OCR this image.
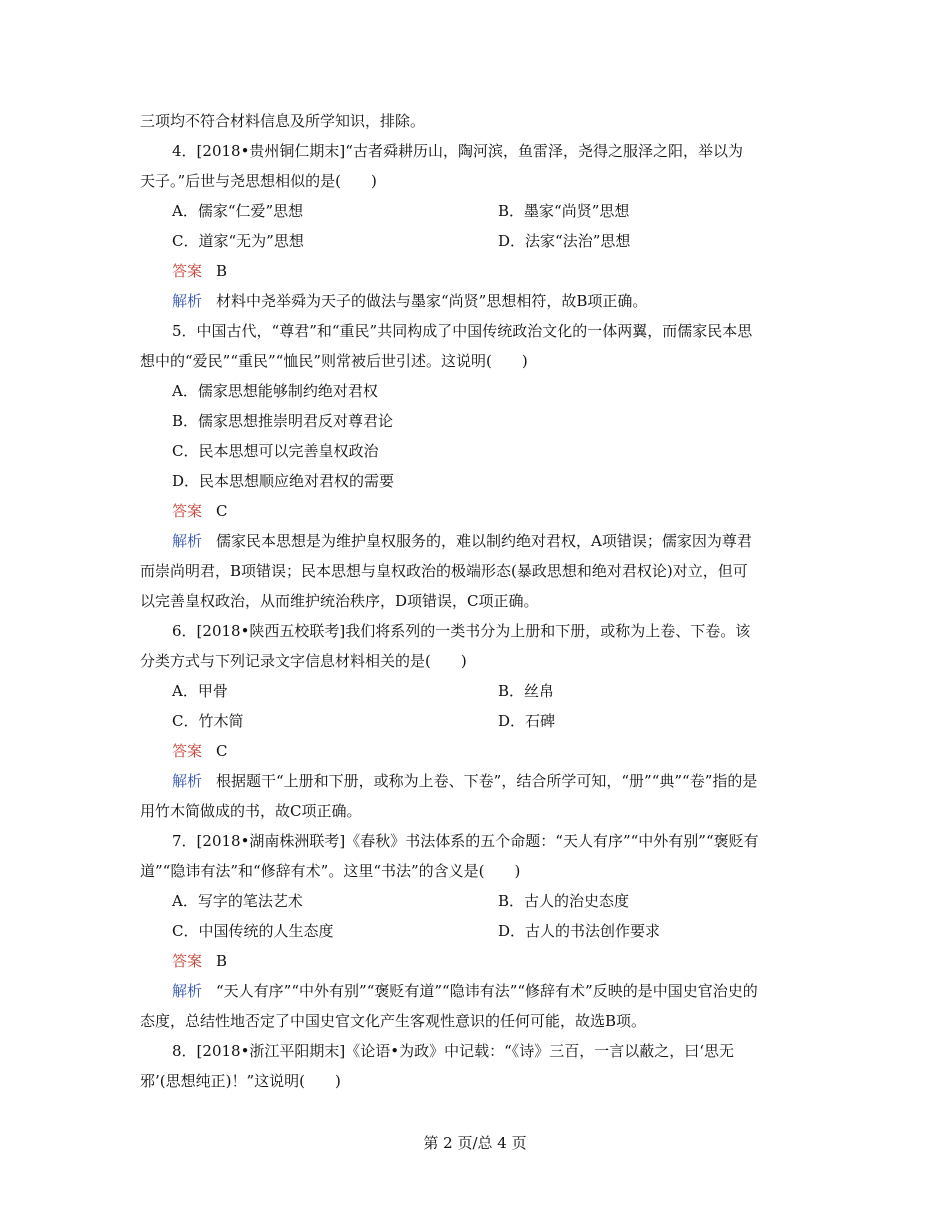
三项均不符合材料信息及所学知识，排除。
4．[2018•贵州铜仁期末]“古者舜耕历山，陶河滨，鱼雷泽，尧得之服泽之阳，举以为
天子。”后世与尧思想相似的是(　　)
A．儒家“仁爱”思想	B．墨家“尚贤”思想
C．道家“无为”思想	D．法家“法治”思想
答案 B
解析 材料中尧举舜为天子的做法与墨家“尚贤”思想相符，故B项正确。
5．中国古代，“尊君”和“重民”共同构成了中国传统政治文化的一体两翼，而儒家民本思
想中的“爱民”“重民”“恤民”则常被后世引述。这说明(　　)
A．儒家思想能够制约绝对君权
B．儒家思想推崇明君反对尊君论
C．民本思想可以完善皇权政治
D．民本思想顺应绝对君权的需要
答案 C
解析 儒家民本思想是为维护皇权服务的，难以制约绝对君权，A项错误；儒家因为尊君
而崇尚明君，B项错误；民本思想与皇权政治的极端形态(暴政思想和绝对君权论)对立，但可
以完善皇权政治，从而维护统治秩序，D项错误，C项正确。
6．[2018•陕西五校联考]我们将系列的一类书分为上册和下册，或称为上卷、下卷。该
分类方式与下列记录文字信息材料相关的是(　　)
A．甲骨	B．丝帛
C．竹木简	D．石碑
答案 C
解析 根据题干“上册和下册，或称为上卷、下卷”，结合所学可知，“册”“典”“卷”指的是
用竹木简做成的书，故C项正确。
7．[2018•湖南株洲联考]《春秋》书法体系的五个命题：“天人有序”“中外有别”“褒贬有
道”“隐讳有法”和“修辞有术”。这里“书法”的含义是(　　)
A．写字的笔法艺术	B．古人的治史态度
C．中国传统的人生态度	D．古人的书法创作要求
答案 B
解析 “天人有序”“中外有别”“褒贬有道”“隐讳有法”“修辞有术”反映的是中国史官治史的
态度，总结性地否定了中国史官文化产生客观性意识的任何可能，故选B项。
8．[2018•浙江平阳期末]《论语•为政》中记载：“《诗》三百，一言以蔽之，曰‘思无
邪’(思想纯正)！”这说明(　　)
第 2 页/总 4 页
